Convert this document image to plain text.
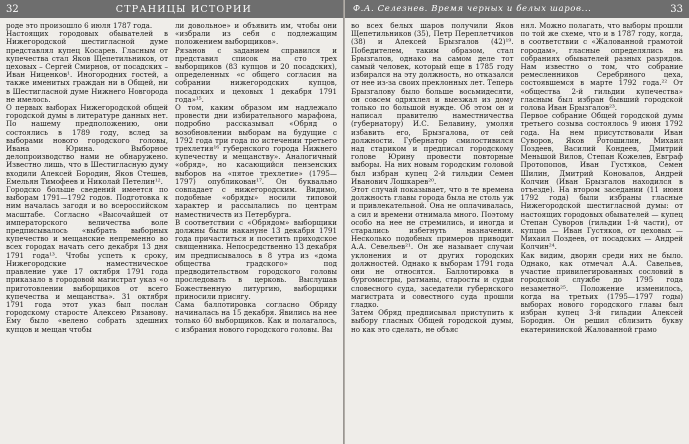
32	СТРАНИЦЫ ИСТОРИИ
роде это произошло 6 июля 1787 года.
Настоящих городовых обывателей в Нижегородской шестигласной думе представлял купец Косарев. Гласным от купечества стал Яков Щепетильников, от цеховых – Сергей Смирнов, от посадских – Иван Ниценков¹. Иногородних гостей, а также именитых граждан ни в Общей, ни в Шестигласной думе Нижнего Новгорода не имелось.
О первых выборах Нижегородской общей городской думы в литературе данных нет. По нашему предположению, они состоялись в 1789 году, вслед за выборами нового городского головы, Ивана Юрина. Выборное делопроизводство нами не обнаружено. Известно лишь, что в Шестигласную думу входили Алексей Бородин, Яков Стешев, Емельян Тимофеев и Николай Петелин¹².
Городско больше сведений имеется по выборам 1791—1792 годов. Подготовка к ним началась загодя и во всероссийском масштабе. Согласно «Высочайшей от императорского величества воле предписывалось «выбрать выборных купечество и мещанские непременно во всех городах начать сего декабря 13 дня 1791 года¹³. Чтобы успеть к сроку, Нижегородские наместническое правление уже 17 октября 1791 года приказало в городовой магистрат указ «о приготовлении выборщиков от всего купечества и мещанства». 31 октября 1791 года этот указ был послан городскому старосте Алексею Рязанову. Ему было «велено собрать здешних купцов и мещан чтобы
ли довольное» и объявить им, чтобы они «избрали из себя с подлежащим положением выборщиков».
Рязанов с заданием справился и представил список на сто трех выборщиков (83 купцов и 20 посадских), определенных «с общего согласия на собрании нижегородских купцов, посадских и цеховых 1 декабря 1791 года»¹⁵.
О том, каким образом им надлежало провести дни избирательного марафона, подробно рассказывал «Обряд о возобновлении выборам на будущие с 1792 года три года по истечении третьего трехлетия¹⁶ губернского города Нижнего купечеству и мещанству». Аналогичный «обряд», но касающийся пензенских выборов на «пятое трехлетие» (1795—1797) опубликован¹⁷. Он буквально совпадает с нижегородским. Видимо, подобные «обряды» носили типовой характер и рассылались по центрам наместничеств из Петербурга.
В соответствии с «Обрядом» выборщики должны были накануне 13 декабря 1791 года причаститься и посетить приходское священника. Непосредственно 13 декабря им предписывалось в 8 утра из «дома общества градского» под предводительством городского головы проследовать в церковь. Выслушав Божественную литургию, выборщики приносили присягу.
Сама баллотировка согласно Обряду начиналась на 15 декабря. Явились на нее только 60 выборщиков. Как и полагалось, с избрания нового городского головы. Вы
Ф.А. Селезнев. Время черных и белых шаров...	33
во всех белых шаров получили Яков Щепетильников (35), Петр Переплетчиков (38) и Алексей Брызгалов (42)¹⁹. Победителем, таким образом, стал Брызгалов, однако на самом деле тот самый человек, который еще в 1785 году избирался на эту должность, но отказался от нее из-за своих преклонных лет. Теперь Брызгалову было больше восьмидесяти, он совсем одряхлел и выезжал из дому только по большой нужде. Об этом он и написал правителю наместничества (губернатору) И.С. Белавину, умоляя избавить его, Брызгалова, от сей должности. Губернатор смилостивился над стариком и предписал городскому голове Юрину провести повторные выборы. На них новым городским головой был избран купец 2-й гильдии Семен Иванович Лошкарев²⁰.
Этот случай показывает, что в те времена должность главы города была не столь уж и привлекательной. Она не оплачивалась, а сил и времени отнимала много. Поэтому особо на нее не стремились, и иногда и старались избегнуть назначения. Несколько подобных примеров приводит А.А. Севельев²¹. Он же называет случаи уклонения и от других городских должностей. Однако к выборам 1791 года они не относятся. Баллотировка в бургомистры, ратманы, старосты и судьи словесного суда, заседатели губернского магистрата и совестного суда прошли гладко.
Затем Обряд предписывал приступить к выбору гласных Общей городской думы, но как это сделать, не объяс
нял. Можно полагать, что выборы прошли по той же схеме, что и в 1787 году, когда, в соответствии с «Жалованной грамотой городам», гласные определялись на собраниях обывателей разных разрядов. Нам известно о том, что собрание ремесленников Серебряного цеха, состоявшемся в марте 1792 года.²² От «общества 2-й гильдии купечества» гласным был избран бывший городской голова Иван Брызгалов²³.
Первое собрание Общей городской думы третьего созыва состоялось 9 июня 1792 года. На нем присутствовали Иван Суворов, Яков Ротошилин, Михаил Поздеев, Василий Кондеев, Дмитрий Меньшой Вилов, Степан Кожелев, Евграф Протопопов, Иван Густяков, Семен Шилин, Дмитрий Коновалов, Андрей Колчин (Иван Брызгалов находился в отъезде). На втором заседании (11 июня 1792 года) были избраны гласные Нижегородской шестигласной думы: от настоящих городовых обывателей — купец Степан Суворов (гильдии 1-й части), от купцов — Иван Густяков, от цеховых — Михаил Поздеев, от посадских — Андрей Колчин²⁴.
Как видим, дворян среди них не было. Однако, как отмечал А.А. Савельев, участие привилегированных сословий в городской службе до 1795 года незаметно²⁵. Положение изменилось, когда на третьих (1795—1797 годы) выборах нового городского главы был избран купец 3-й гильдии Алексей Бородин. Он решил сблизить букву екатерининской Жалованной грамо
